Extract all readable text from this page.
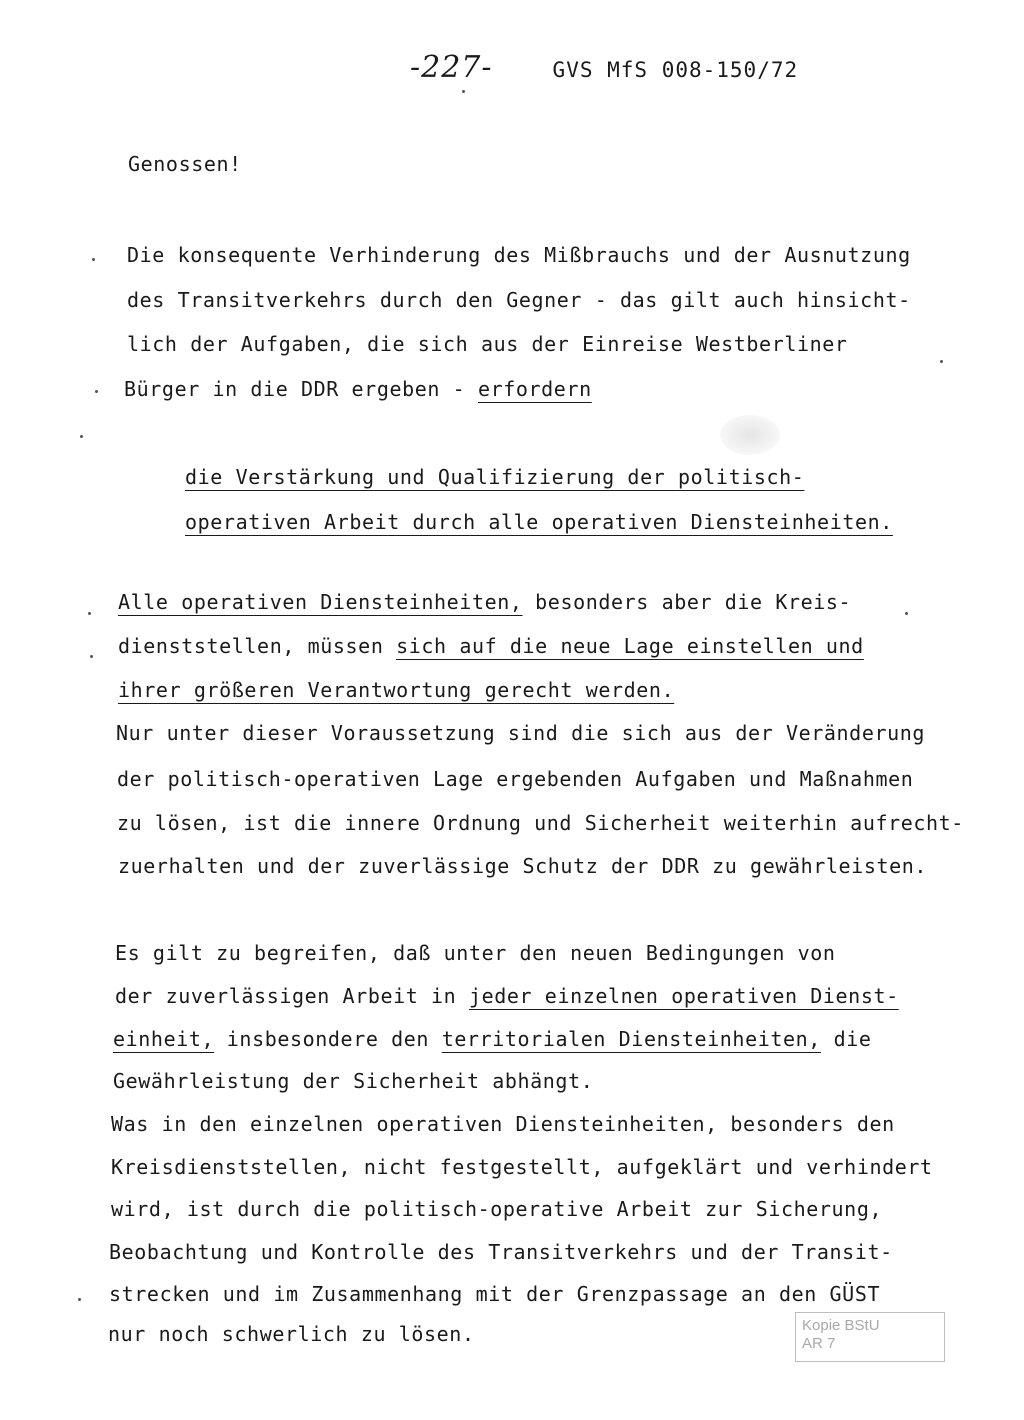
-227-	GVS MfS 008-150/72
Genossen!
Die konsequente Verhinderung des Mißbrauchs und der Ausnutzung
des Transitverkehrs durch den Gegner - das gilt auch hinsicht-
lich der Aufgaben, die sich aus der Einreise Westberliner
Bürger in die DDR ergeben - erfordern
die Verstärkung und Qualifizierung der politisch-
operativen Arbeit durch alle operativen Diensteinheiten.
Alle operativen Diensteinheiten, besonders aber die Kreis-
dienststellen, müssen sich auf die neue Lage einstellen und
ihrer größeren Verantwortung gerecht werden.
Nur unter dieser Voraussetzung sind die sich aus der Veränderung
der politisch-operativen Lage ergebenden Aufgaben und Maßnahmen
zu lösen, ist die innere Ordnung und Sicherheit weiterhin aufrecht-
zuerhalten und der zuverlässige Schutz der DDR zu gewährleisten.
Es gilt zu begreifen, daß unter den neuen Bedingungen von
der zuverlässigen Arbeit in jeder einzelnen operativen Dienst-
einheit, insbesondere den territorialen Diensteinheiten, die
Gewährleistung der Sicherheit abhängt.
Was in den einzelnen operativen Diensteinheiten, besonders den
Kreisdienststellen, nicht festgestellt, aufgeklärt und verhindert
wird, ist durch die politisch-operative Arbeit zur Sicherung,
Beobachtung und Kontrolle des Transitverkehrs und der Transit-
strecken und im Zusammenhang mit der Grenzpassage an den GÜST
nur noch schwerlich zu lösen.	Kopie BStU
AR 7
